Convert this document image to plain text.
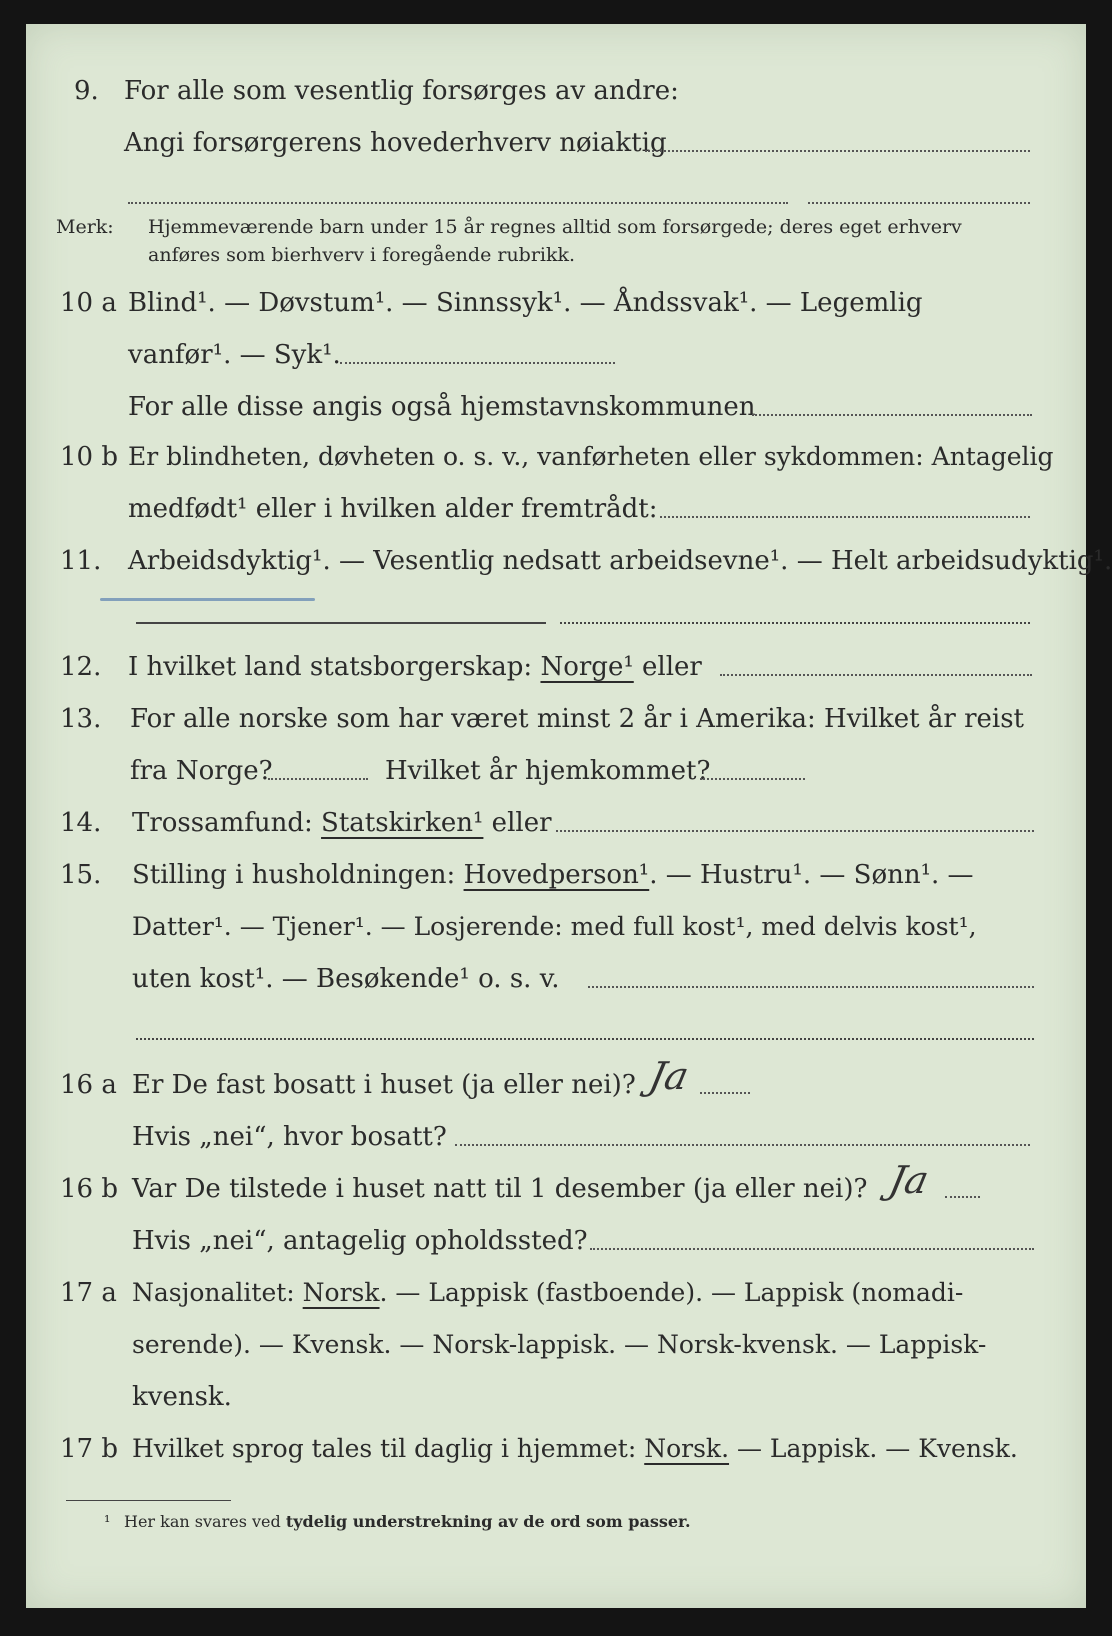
9. For alle som vesentlig forsørges av andre:
Angi forsørgerens hovederhverv nøiaktig
Merk: Hjemmeværende barn under 15 år regnes alltid som forsørgede; deres eget erhverv
anføres som bierhverv i foregående rubrikk.
10 a Blind¹. — Døvstum¹. — Sinnssyk¹. — Åndssvak¹. — Legemlig
vanfør¹. — Syk¹.
For alle disse angis også hjemstavnskommunen
10 b Er blindheten, døvheten o. s. v., vanførheten eller sykdommen: Antagelig
medfødt¹ eller i hvilken alder fremtrådt:
11. Arbeidsdyktig¹. — Vesentlig nedsatt arbeidsevne¹. — Helt arbeidsudyktig¹.
12. I hvilket land statsborgerskap: Norge¹ eller
13. For alle norske som har været minst 2 år i Amerika: Hvilket år reist
fra Norge?	Hvilket år hjemkommet?
14. Trossamfund: Statskirken¹ eller
15. Stilling i husholdningen: Hovedperson¹. — Hustru¹. — Sønn¹. —
Datter¹. — Tjener¹. — Losjerende: med full kost¹, med delvis kost¹,
uten kost¹. — Besøkende¹ o. s. v.
16 a Er De fast bosatt i huset (ja eller nei)? Ja
Hvis „nei“, hvor bosatt?
16 b Var De tilstede i huset natt til 1 desember (ja eller nei)? Ja
Hvis „nei“, antagelig opholdssted?
17 a Nasjonalitet: Norsk. — Lappisk (fastboende). — Lappisk (nomadi-
serende). — Kvensk. — Norsk-lappisk. — Norsk-kvensk. — Lappisk-
kvensk.
17 b Hvilket sprog tales til daglig i hjemmet: Norsk. — Lappisk. — Kvensk.
¹ Her kan svares ved tydelig understrekning av de ord som passer.
